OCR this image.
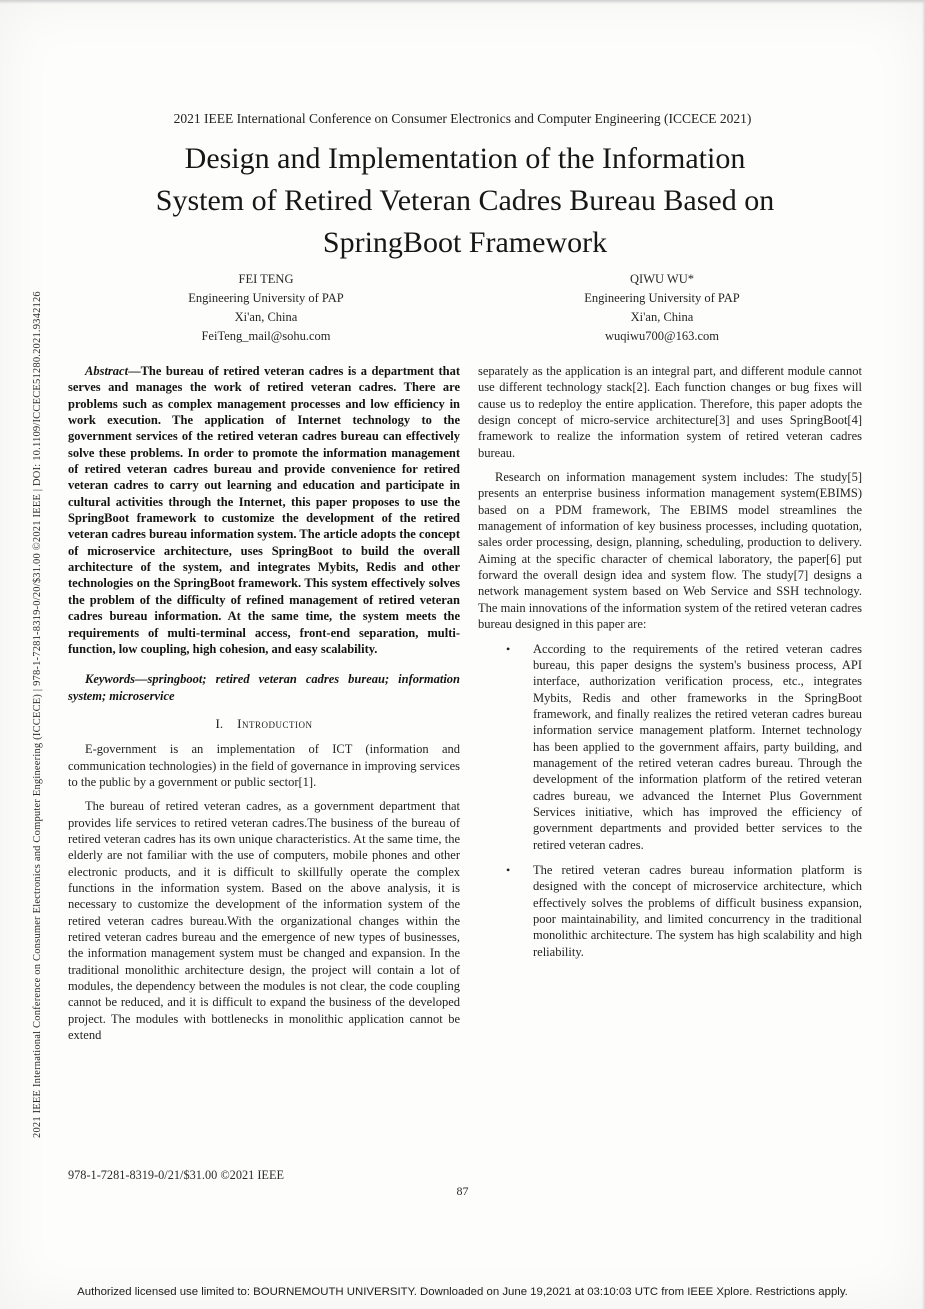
2021 IEEE International Conference on Consumer Electronics and Computer Engineering (ICCECE) | 978-1-7281-8319-0/20/$31.00 ©2021 IEEE | DOI: 10.1109/ICCECE51280.2021.9342126
2021 IEEE International Conference on Consumer Electronics and Computer Engineering (ICCECE 2021)
Design and Implementation of the Information
System of Retired Veteran Cadres Bureau Based on
SpringBoot Framework
FEI TENG
Engineering University of PAP
Xi'an, China
FeiTeng_mail@sohu.com
QIWU WU*
Engineering University of PAP
Xi'an, China
wuqiwu700@163.com

Abstract—The bureau of retired veteran cadres is a department that serves and manages the work of retired veteran cadres. There are problems such as complex management processes and low efficiency in work execution. The application of Internet technology to the government services of the retired veteran cadres bureau can effectively solve these problems. In order to promote the information management of retired veteran cadres bureau and provide convenience for retired veteran cadres to carry out learning and education and participate in cultural activities through the Internet, this paper proposes to use the SpringBoot framework to customize the development of the retired veteran cadres bureau information system. The article adopts the concept of microservice architecture, uses SpringBoot to build the overall architecture of the system, and integrates Mybits, Redis and other technologies on the SpringBoot framework. This system effectively solves the problem of the difficulty of refined management of retired veteran cadres bureau information. At the same time, the system meets the requirements of multi-terminal access, front-end separation, multi-function, low coupling, high cohesion, and easy scalability.

Keywords—springboot; retired veteran cadres bureau; information system; microservice

I. Introduction

E-government is an implementation of ICT (information and communication technologies) in the field of governance in improving services to the public by a government or public sector[1].

The bureau of retired veteran cadres, as a government department that provides life services to retired veteran cadres.The business of the bureau of retired veteran cadres has its own unique characteristics. At the same time, the elderly are not familiar with the use of computers, mobile phones and other electronic products, and it is difficult to skillfully operate the complex functions in the information system. Based on the above analysis, it is necessary to customize the development of the information system of the retired veteran cadres bureau.With the organizational changes within the retired veteran cadres bureau and the emergence of new types of businesses, the information management system must be changed and expansion. In the traditional monolithic architecture design, the project will contain a lot of modules, the dependency between the modules is not clear, the code coupling cannot be reduced, and it is difficult to expand the business of the developed project. The modules with bottlenecks in monolithic application cannot be extend

separately as the application is an integral part, and different module cannot use different technology stack[2]. Each function changes or bug fixes will cause us to redeploy the entire application. Therefore, this paper adopts the design concept of micro-service architecture[3] and uses SpringBoot[4] framework to realize the information system of retired veteran cadres bureau.

Research on information management system includes: The study[5] presents an enterprise business information management system(EBIMS) based on a PDM framework, The EBIMS model streamlines the management of information of key business processes, including quotation, sales order processing, design, planning, scheduling, production to delivery. Aiming at the specific character of chemical laboratory, the paper[6] put forward the overall design idea and system flow. The study[7] designs a network management system based on Web Service and SSH technology. The main innovations of the information system of the retired veteran cadres bureau designed in this paper are:

• According to the requirements of the retired veteran cadres bureau, this paper designs the system's business process, API interface, authorization verification process, etc., integrates Mybits, Redis and other frameworks in the SpringBoot framework, and finally realizes the retired veteran cadres bureau information service management platform. Internet technology has been applied to the government affairs, party building, and management of the retired veteran cadres bureau. Through the development of the information platform of the retired veteran cadres bureau, we advanced the Internet Plus Government Services initiative, which has improved the efficiency of government departments and provided better services to the retired veteran cadres.
• The retired veteran cadres bureau information platform is designed with the concept of microservice architecture, which effectively solves the problems of difficult business expansion, poor maintainability, and limited concurrency in the traditional monolithic architecture. The system has high scalability and high reliability.
978-1-7281-8319-0/21/$31.00 ©2021 IEEE
87
Authorized licensed use limited to: BOURNEMOUTH UNIVERSITY. Downloaded on June 19,2021 at 03:10:03 UTC from IEEE Xplore. Restrictions apply.
